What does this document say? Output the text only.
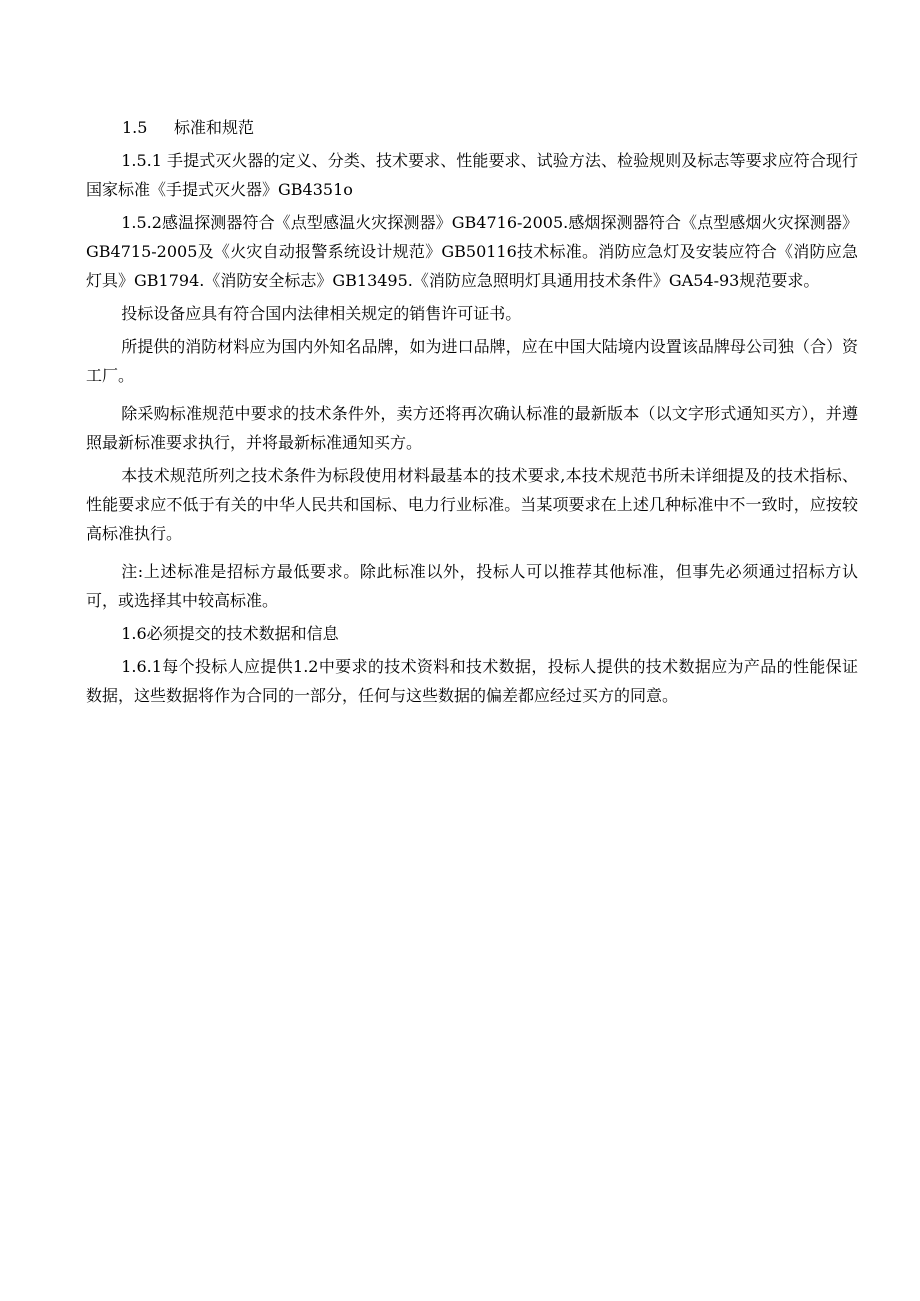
1.5 标准和规范

1.5.1 手提式灭火器的定义、分类、技术要求、性能要求、试验方法、检验规则及标志等要求应符合现行国家标准《手提式灭火器》GB4351o

1.5.2感温探测器符合《点型感温火灾探测器》GB4716-2005.感烟探测器符合《点型感烟火灾探测器》GB4715-2005及《火灾自动报警系统设计规范》GB50116技术标准。消防应急灯及安装应符合《消防应急灯具》GB1794.《消防安全标志》GB13495.《消防应急照明灯具通用技术条件》GA54-93规范要求。

投标设备应具有符合国内法律相关规定的销售许可证书。

所提供的消防材料应为国内外知名品牌，如为进口品牌，应在中国大陆境内设置该品牌母公司独（合）资工厂。

除采购标准规范中要求的技术条件外，卖方还将再次确认标准的最新版本（以文字形式通知买方），并遵照最新标准要求执行，并将最新标准通知买方。

本技术规范所列之技术条件为标段使用材料最基本的技术要求,本技术规范书所未详细提及的技术指标、性能要求应不低于有关的中华人民共和国标、电力行业标准。当某项要求在上述几种标准中不一致时，应按较高标准执行。

注:上述标准是招标方最低要求。除此标准以外，投标人可以推荐其他标准，但事先必须通过招标方认可，或选择其中较高标准。

1.6必须提交的技术数据和信息

1.6.1每个投标人应提供1.2中要求的技术资料和技术数据，投标人提供的技术数据应为产品的性能保证数据，这些数据将作为合同的一部分，任何与这些数据的偏差都应经过买方的同意。
